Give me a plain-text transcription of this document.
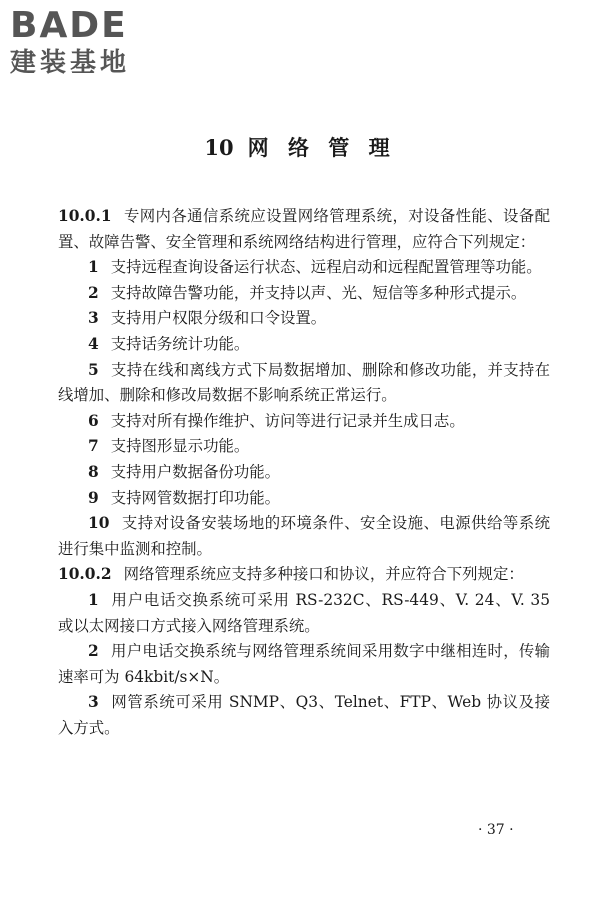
BADE
建装基地
10 网 络 管 理

10.0.1 专网内各通信系统应设置网络管理系统，对设备性能、设备配置、故障告警、安全管理和系统网络结构进行管理，应符合下列规定：

1 支持远程查询设备运行状态、远程启动和远程配置管理等功能。

2 支持故障告警功能，并支持以声、光、短信等多种形式提示。

3 支持用户权限分级和口令设置。

4 支持话务统计功能。

5 支持在线和离线方式下局数据增加、删除和修改功能，并支持在线增加、删除和修改局数据不影响系统正常运行。

6 支持对所有操作维护、访问等进行记录并生成日志。

7 支持图形显示功能。

8 支持用户数据备份功能。

9 支持网管数据打印功能。

10 支持对设备安装场地的环境条件、安全设施、电源供给等系统进行集中监测和控制。

10.0.2 网络管理系统应支持多种接口和协议，并应符合下列规定：

1 用户电话交换系统可采用 RS-232C、RS-449、V. 24、V. 35 或以太网接口方式接入网络管理系统。

2 用户电话交换系统与网络管理系统间采用数字中继相连时，传输速率可为 64kbit/s×N。

3 网管系统可采用 SNMP、Q3、Telnet、FTP、Web 协议及接入方式。

· 37 ·
